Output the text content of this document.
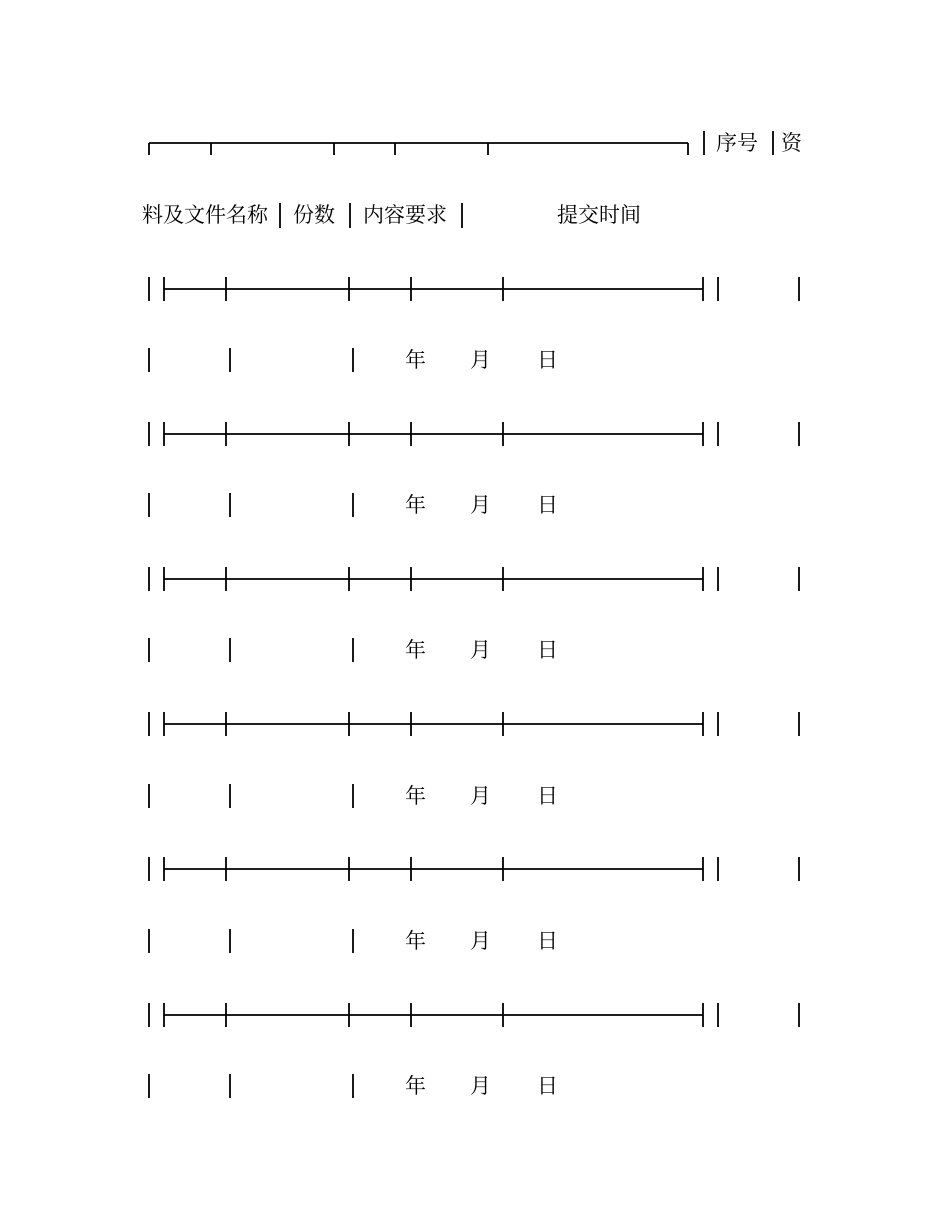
序号 资
料及文件名称 份数 内容要求	提交时间
年 月 日
年 月 日
年 月 日
年 月 日
年 月 日
年 月 日
